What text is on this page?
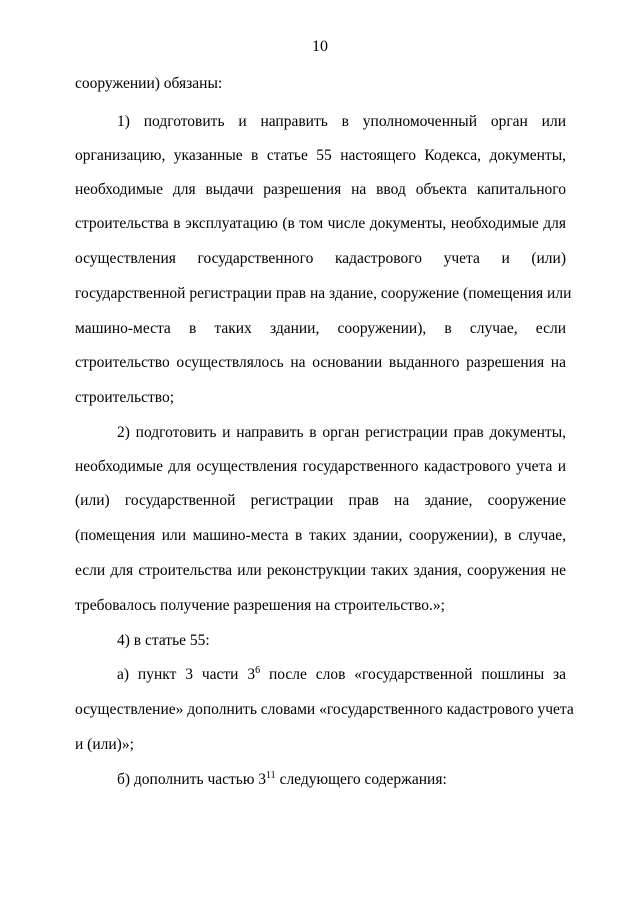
10
сооружении) обязаны:
1) подготовить и направить в уполномоченный орган или
организацию, указанные в статье 55 настоящего Кодекса, документы,
необходимые для выдачи разрешения на ввод объекта капитального
строительства в эксплуатацию (в том числе документы, необходимые для
осуществления государственного кадастрового учета и (или)
государственной регистрации прав на здание, сооружение (помещения или
машино-места в таких здании, сооружении), в случае, если
строительство осуществлялось на основании выданного разрешения на
строительство;
2) подготовить и направить в орган регистрации прав документы,
необходимые для осуществления государственного кадастрового учета и
(или) государственной регистрации прав на здание, сооружение
(помещения или машино-места в таких здании, сооружении), в случае,
если для строительства или реконструкции таких здания, сооружения не
требовалось получение разрешения на строительство.»;
4) в статье 55:
а) пункт 3 части $3^6$ после слов «государственной пошлины за
осуществление» дополнить словами «государственного кадастрового учета
и (или)»;
б) дополнить частью $3^{11}$ следующего содержания:
